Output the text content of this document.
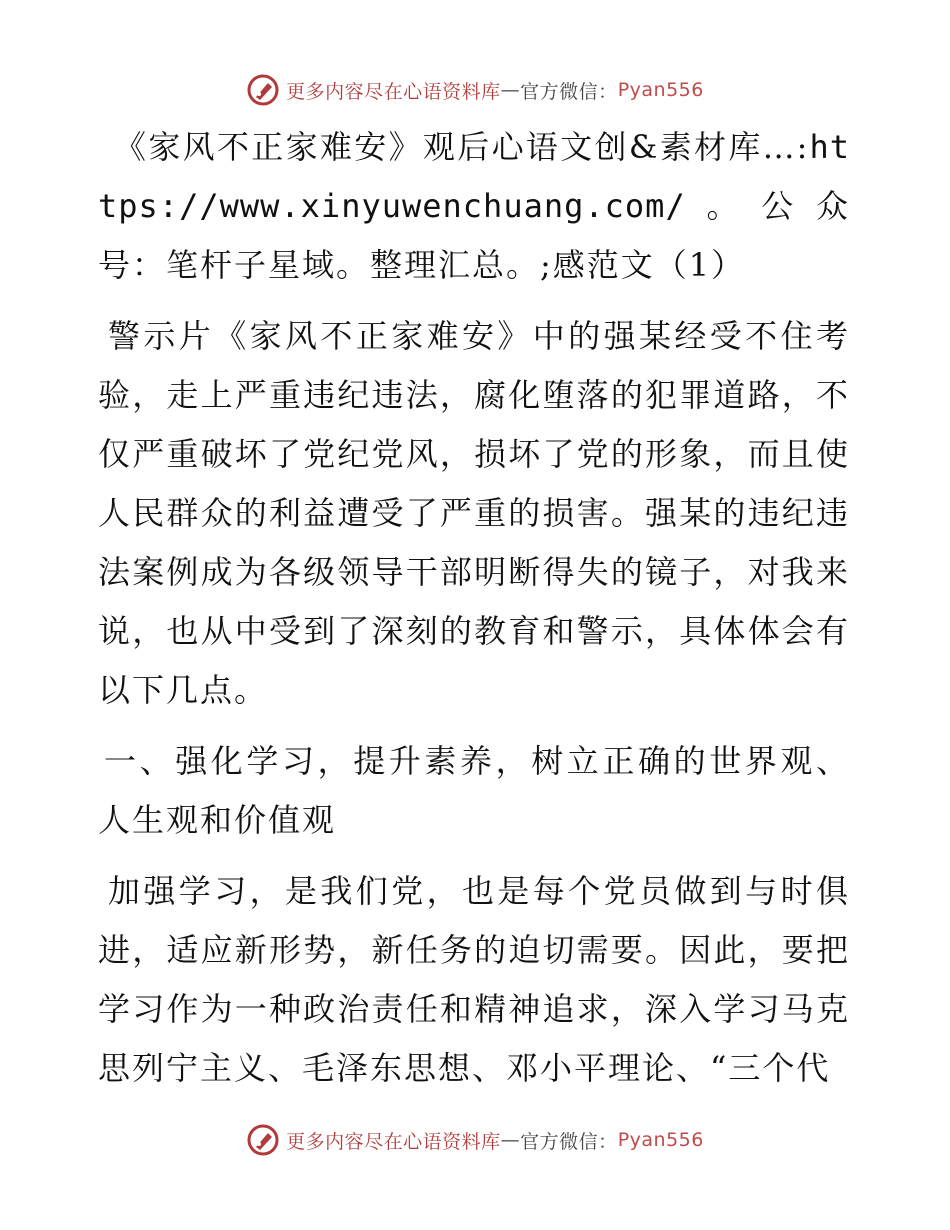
更多内容尽在心语资料库 — 官方微信： Pyan556

《家风不正家难安》观后心语文创&素材库…:https://www.xinyuwenchuang.com/。公众号：笔杆子星域。整理汇总。;感范文（1）

警示片《家风不正家难安》中的强某经受不住考验，走上严重违纪违法，腐化堕落的犯罪道路，不仅严重破坏了党纪党风，损坏了党的形象，而且使人民群众的利益遭受了严重的损害。强某的违纪违法案例成为各级领导干部明断得失的镜子，对我来说，也从中受到了深刻的教育和警示，具体体会有以下几点。

一、强化学习，提升素养，树立正确的世界观、人生观和价值观

加强学习，是我们党，也是每个党员做到与时俱进，适应新形势，新任务的迫切需要。因此，要把学习作为一种政治责任和精神追求，深入学习马克思列宁主义、毛泽东思想、邓小平理论、“三个代

更多内容尽在心语资料库 — 官方微信： Pyan556
